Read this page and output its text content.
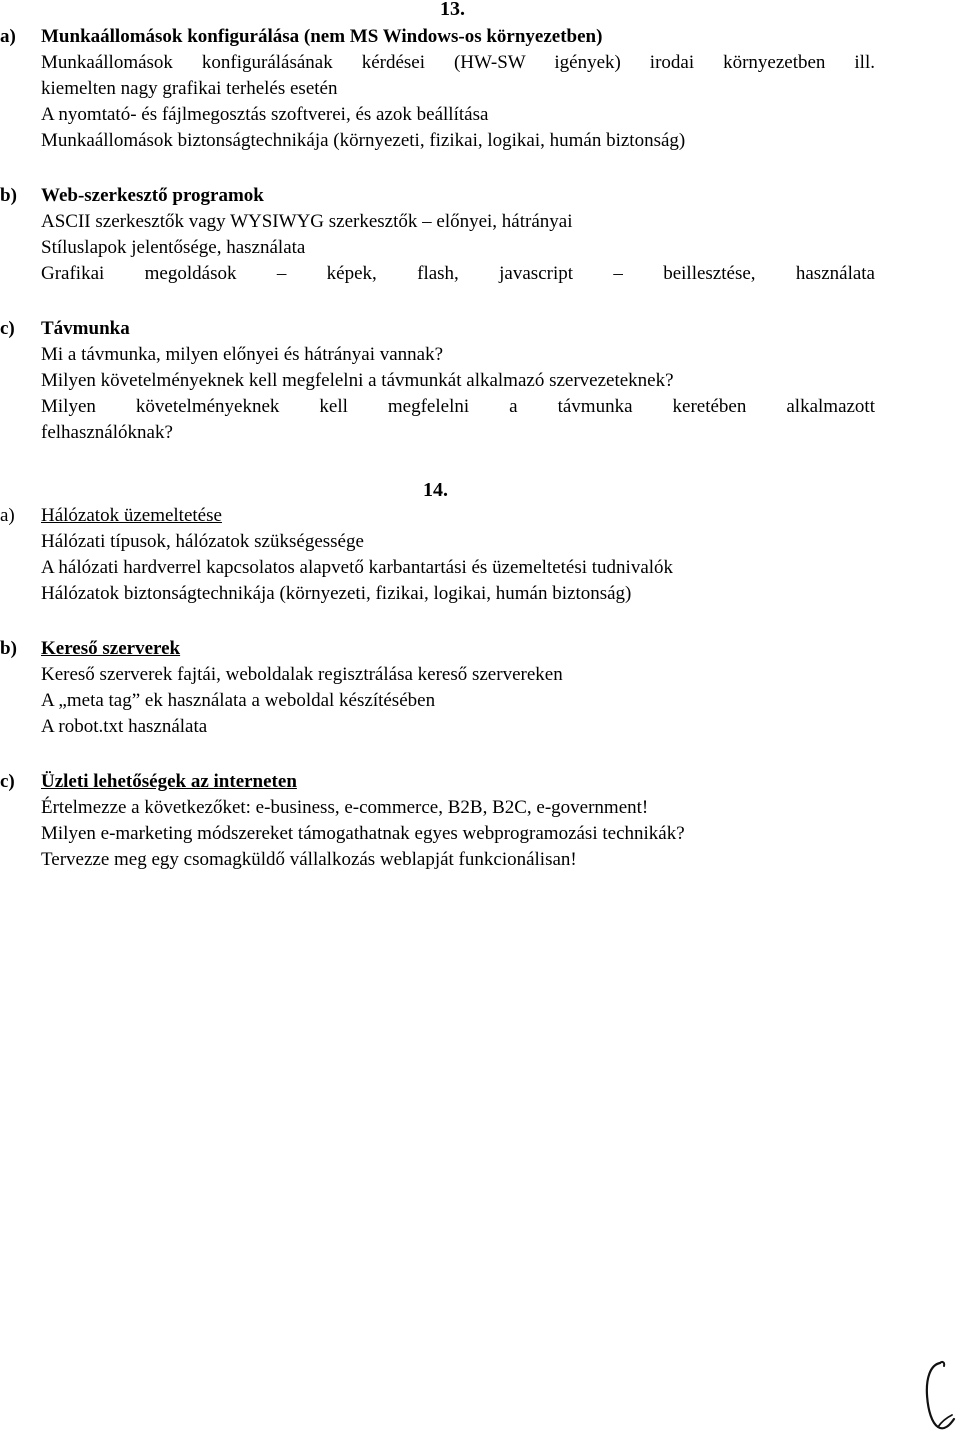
13.
a) Munkaállomások konfigurálása (nem MS Windows-os környezetben)
Munkaállomások konfigurálásának kérdései (HW-SW igények) irodai környezetben ill.
kiemelten nagy grafikai terhelés esetén
A nyomtató- és fájlmegosztás szoftverei, és azok beállítása
Munkaállomások biztonságtechnikája (környezeti, fizikai, logikai, humán biztonság)
b) Web-szerkesztő programok
ASCII szerkesztők vagy WYSIWYG szerkesztők – előnyei, hátrányai
Stíluslapok jelentősége, használata
Grafikai megoldások – képek, flash, javascript – beillesztése, használata
c) Távmunka
Mi a távmunka, milyen előnyei és hátrányai vannak?
Milyen követelményeknek kell megfelelni a távmunkát alkalmazó szervezeteknek?
Milyen követelményeknek kell megfelelni a távmunka keretében alkalmazott
felhasználóknak?
14.
a) Hálózatok üzemeltetése
Hálózati típusok, hálózatok szükségessége
A hálózati hardverrel kapcsolatos alapvető karbantartási és üzemeltetési tudnivalók
Hálózatok biztonságtechnikája (környezeti, fizikai, logikai, humán biztonság)
b) Kereső szerverek
Kereső szerverek fajtái, weboldalak regisztrálása kereső szervereken
A „meta tag” ek használata a weboldal készítésében
A robot.txt használata
c) Üzleti lehetőségek az interneten
Értelmezze a következőket: e-business, e-commerce, B2B, B2C, e-government!
Milyen e-marketing módszereket támogathatnak egyes webprogramozási technikák?
Tervezze meg egy csomagküldő vállalkozás weblapját funkcionálisan!
